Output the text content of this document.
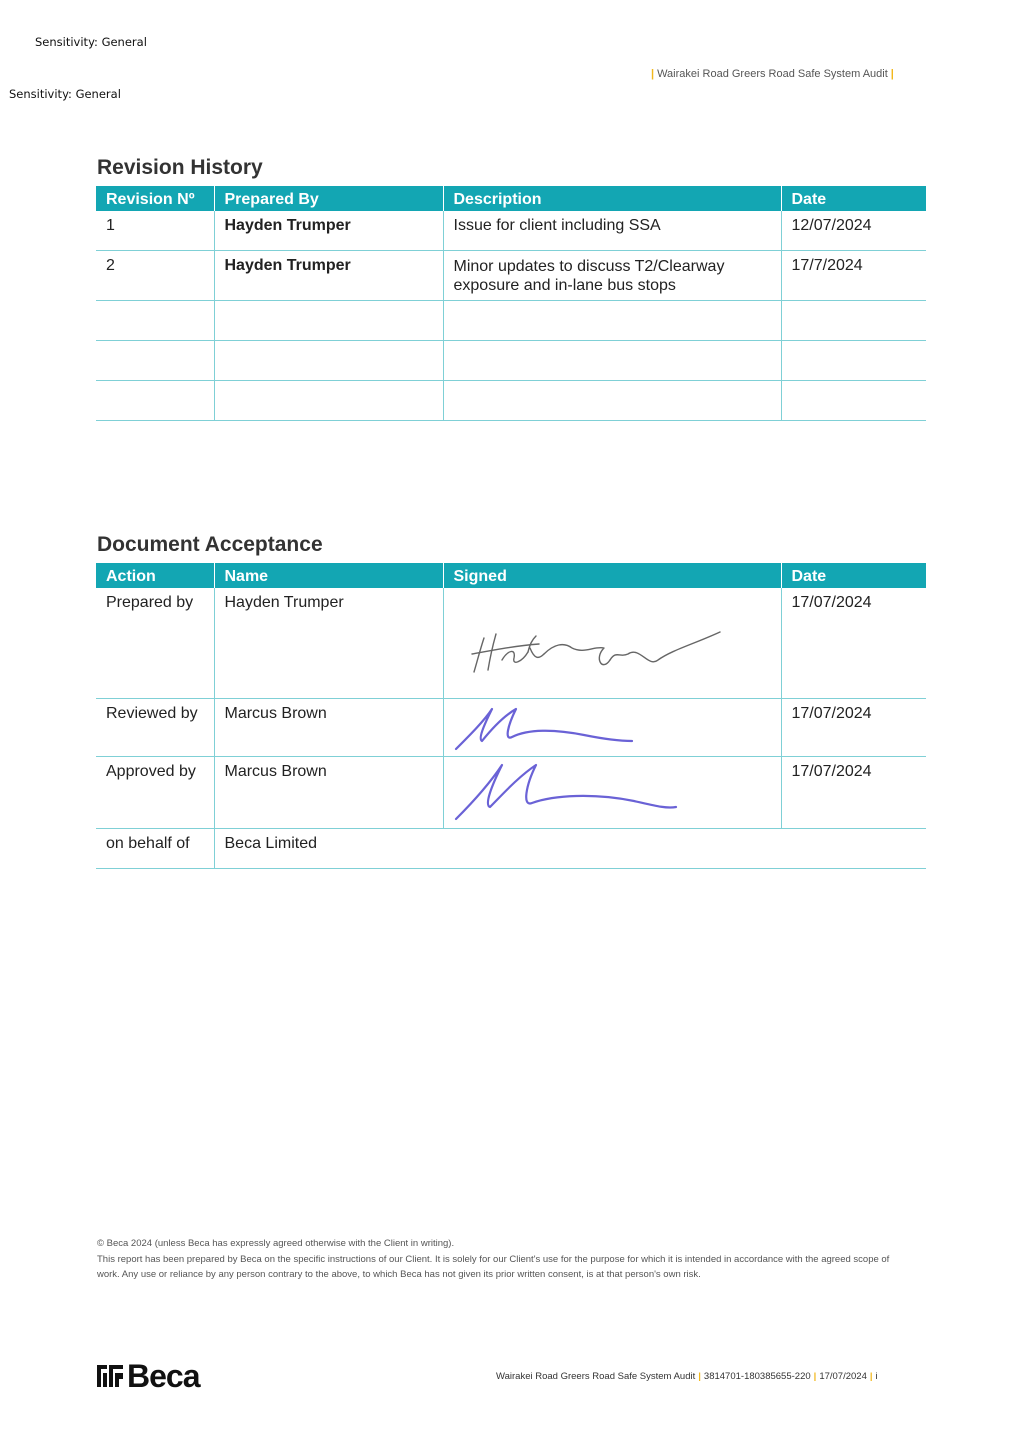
Sensitivity: General
Sensitivity: General
| Wairakei Road Greers Road Safe System Audit |
Revision History
Revision Nº	Prepared By	Description	Date
1	Hayden Trumper	Issue for client including SSA	12/07/2024
2	Hayden Trumper	Minor updates to discuss T2/Clearway exposure and in-lane bus stops	17/7/2024

Document Acceptance
Action	Name	Signed	Date
Prepared by	Hayden Trumper		17/07/2024
Reviewed by	Marcus Brown		17/07/2024
Approved by	Marcus Brown		17/07/2024
on behalf of	Beca Limited		
© Beca 2024 (unless Beca has expressly agreed otherwise with the Client in writing).
This report has been prepared by Beca on the specific instructions of our Client. It is solely for our Client's use for the purpose for which it is intended in accordance with the agreed scope of work. Any use or reliance by any person contrary to the above, to which Beca has not given its prior written consent, is at that person's own risk.
Beca	Wairakei Road Greers Road Safe System Audit | 3814701-180385655-220 | 17/07/2024 | i
